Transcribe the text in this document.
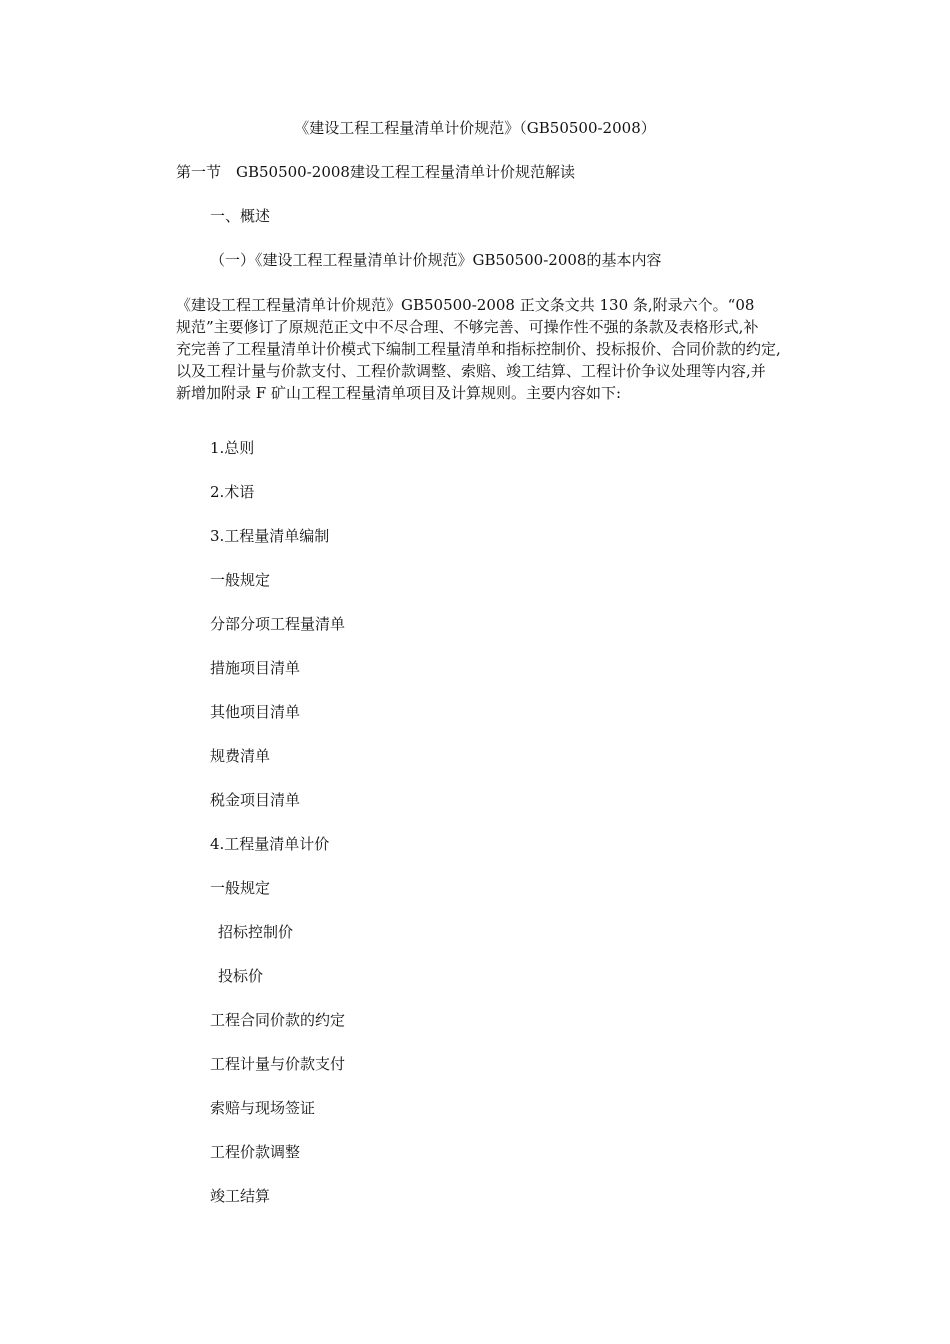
《建设工程工程量清单计价规范》（GB50500-2008）
第一节　GB50500-2008建设工程工程量清单计价规范解读
一、概述
（一）《建设工程工程量清单计价规范》GB50500-2008的基本内容
《建设工程工程量清单计价规范》GB50500-2008 正文条文共 130 条,附录六个。“08
规范”主要修订了原规范正文中不尽合理、不够完善、可操作性不强的条款及表格形式,补
充完善了工程量清单计价模式下编制工程量清单和指标控制价、投标报价、合同价款的约定,
以及工程计量与价款支付、工程价款调整、索赔、竣工结算、工程计价争议处理等内容,并
新增加附录 F 矿山工程工程量清单项目及计算规则。主要内容如下:
1.总则
2.术语
3.工程量清单编制
一般规定
分部分项工程量清单
措施项目清单
其他项目清单
规费清单
税金项目清单
4.工程量清单计价
一般规定
招标控制价
投标价
工程合同价款的约定
工程计量与价款支付
索赔与现场签证
工程价款调整
竣工结算
